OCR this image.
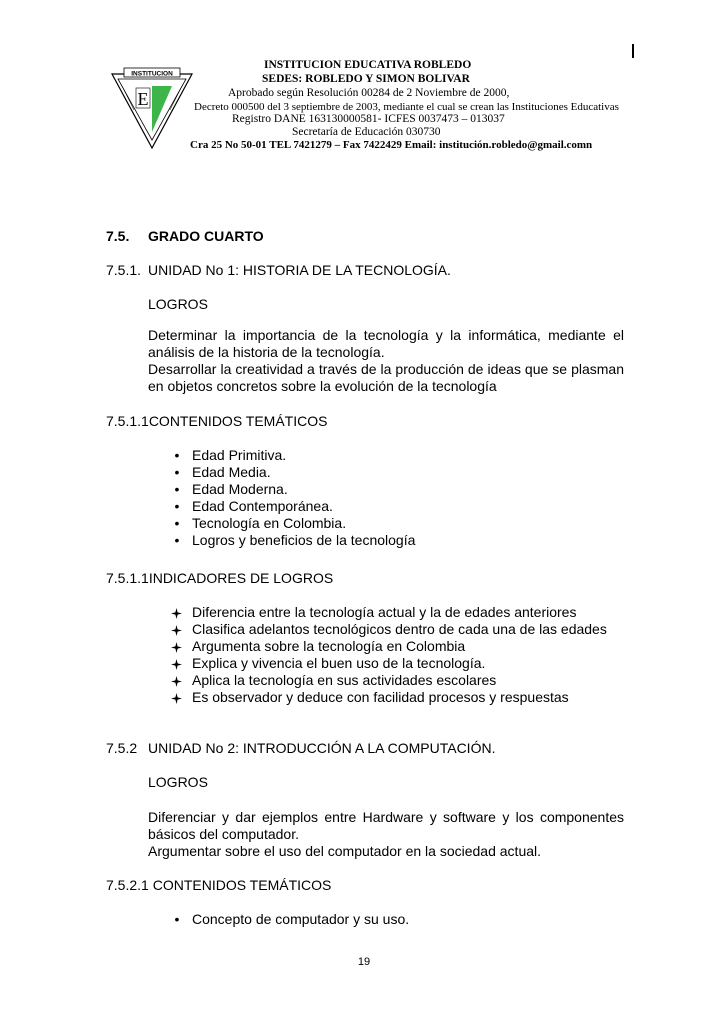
INSTITUCION
E
INSTITUCION EDUCATIVA ROBLEDO
SEDES: ROBLEDO Y SIMON BOLIVAR
Aprobado según Resolución 00284 de 2 Noviembre de 2000,
Decreto 000500 del 3 septiembre de 2003, mediante el cual se crean las Instituciones Educativas
Registro DANE 163130000581- ICFES 0037473 – 013037
Secretaría de Educación 030730
Cra 25 No 50-01 TEL 7421279 – Fax 7422429 Email: institución.robledo@gmail.comn
7.5. GRADO CUARTO
7.5.1. UNIDAD No 1: HISTORIA DE LA TECNOLOGÍA.
LOGROS
Determinar la importancia de la tecnología y la informática, mediante el análisis de la historia de la tecnología.
Desarrollar la creatividad a través de la producción de ideas que se plasman en objetos concretos sobre la evolución de la tecnología
7.5.1.1CONTENIDOS TEMÁTICOS
• Edad Primitiva.
• Edad Media.
• Edad Moderna.
• Edad Contemporánea.
• Tecnología en Colombia.
• Logros y beneficios de la tecnología
7.5.1.1INDICADORES DE LOGROS
Diferencia entre la tecnología actual y la de edades anteriores
Clasifica adelantos tecnológicos dentro de cada una de las edades
Argumenta sobre la tecnología en Colombia
Explica y vivencia el buen uso de la tecnología.
Aplica la tecnología en sus actividades escolares
Es observador y deduce con facilidad procesos y respuestas
7.5.2 UNIDAD No 2: INTRODUCCIÓN A LA COMPUTACIÓN.
LOGROS
Diferenciar y dar ejemplos entre Hardware y software y los componentes básicos del computador.
Argumentar sobre el uso del computador en la sociedad actual.
7.5.2.1 CONTENIDOS TEMÁTICOS
• Concepto de computador y su uso.
19
